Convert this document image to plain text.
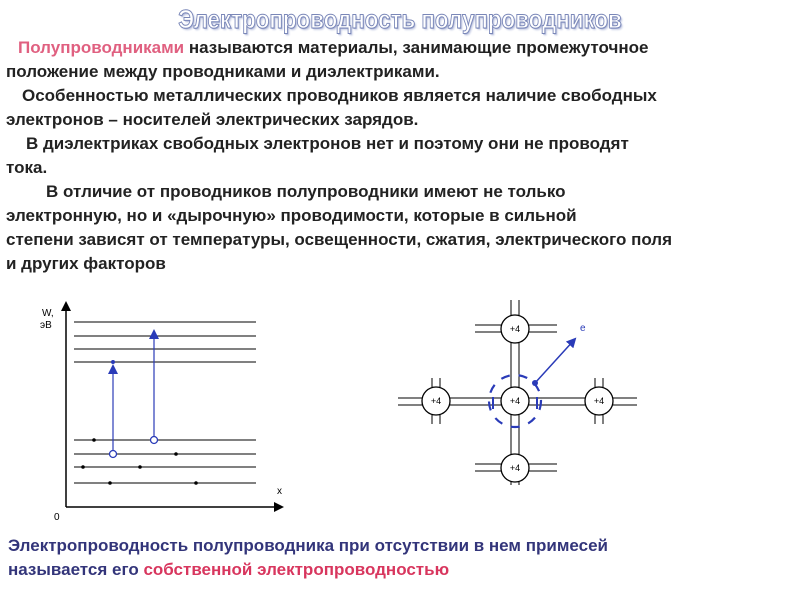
Электропроводность полупроводников

Полупроводниками называются материалы, занимающие промежуточное

положение между проводниками и диэлектриками.

Особенностью металлических проводников является наличие свободных

электронов – носителей электрических зарядов.

В диэлектриках свободных электронов нет и поэтому они не проводят

тока.

В отличие от проводников полупроводники имеют не только

электронную, но и «дырочную» проводимости, которые в сильной

степени зависят от температуры, освещенности, сжатия, электрического поля

и других факторов

W,
эВ
x
0
+4
+4	+4	+4
+4
e
Электропроводность полупроводника при отсутствии в нем примесей
называется его собственной электропроводностью
